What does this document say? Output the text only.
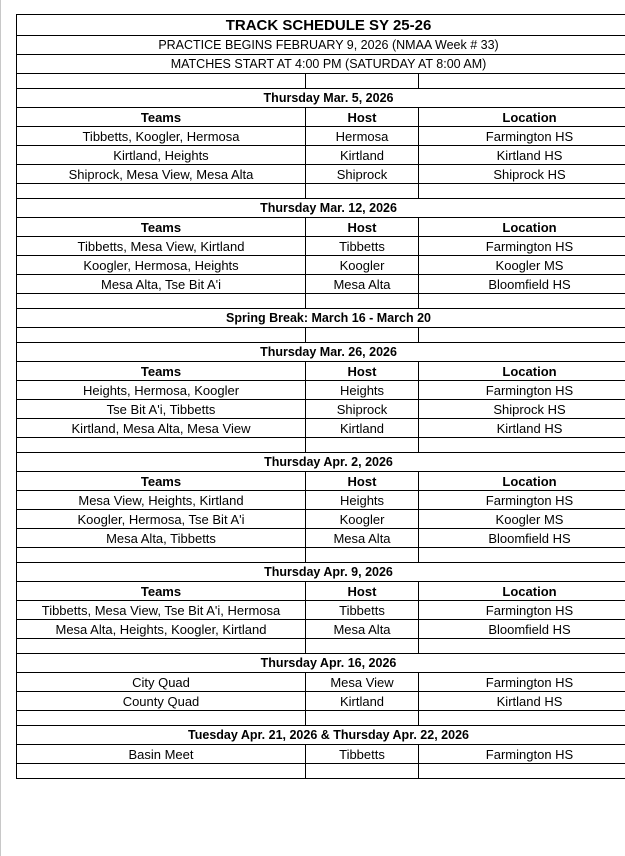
TRACK SCHEDULE SY 25-26		
PRACTICE BEGINS FEBRUARY 9, 2026 (NMAA Week # 33)		
MATCHES START AT 4:00 PM (SATURDAY AT 8:00 AM)		

Thursday Mar. 5, 2026		
Teams	Host	Location
Tibbetts, Koogler, Hermosa	Hermosa	Farmington HS
Kirtland, Heights	Kirtland	Kirtland HS
Shiprock, Mesa View, Mesa Alta	Shiprock	Shiprock HS

Thursday Mar. 12, 2026		
Teams	Host	Location
Tibbetts, Mesa View, Kirtland	Tibbetts	Farmington HS
Koogler, Hermosa, Heights	Koogler	Koogler MS
Mesa Alta, Tse Bit A'i	Mesa Alta	Bloomfield HS

Spring Break: March 16 - March 20		

Thursday Mar. 26, 2026		
Teams	Host	Location
Heights, Hermosa, Koogler	Heights	Farmington HS
Tse Bit A'i, Tibbetts	Shiprock	Shiprock HS
Kirtland, Mesa Alta, Mesa View	Kirtland	Kirtland HS

Thursday Apr. 2, 2026		
Teams	Host	Location
Mesa View, Heights, Kirtland	Heights	Farmington HS
Koogler, Hermosa, Tse Bit A'i	Koogler	Koogler MS
Mesa Alta, Tibbetts	Mesa Alta	Bloomfield HS

Thursday Apr. 9, 2026		
Teams	Host	Location
Tibbetts, Mesa View, Tse Bit A'i, Hermosa	Tibbetts	Farmington HS
Mesa Alta, Heights, Koogler, Kirtland	Mesa Alta	Bloomfield HS

Thursday Apr. 16, 2026		
City Quad	Mesa View	Farmington HS
County Quad	Kirtland	Kirtland HS

Tuesday Apr. 21, 2026 & Thursday Apr. 22, 2026		
Basin Meet	Tibbetts	Farmington HS
